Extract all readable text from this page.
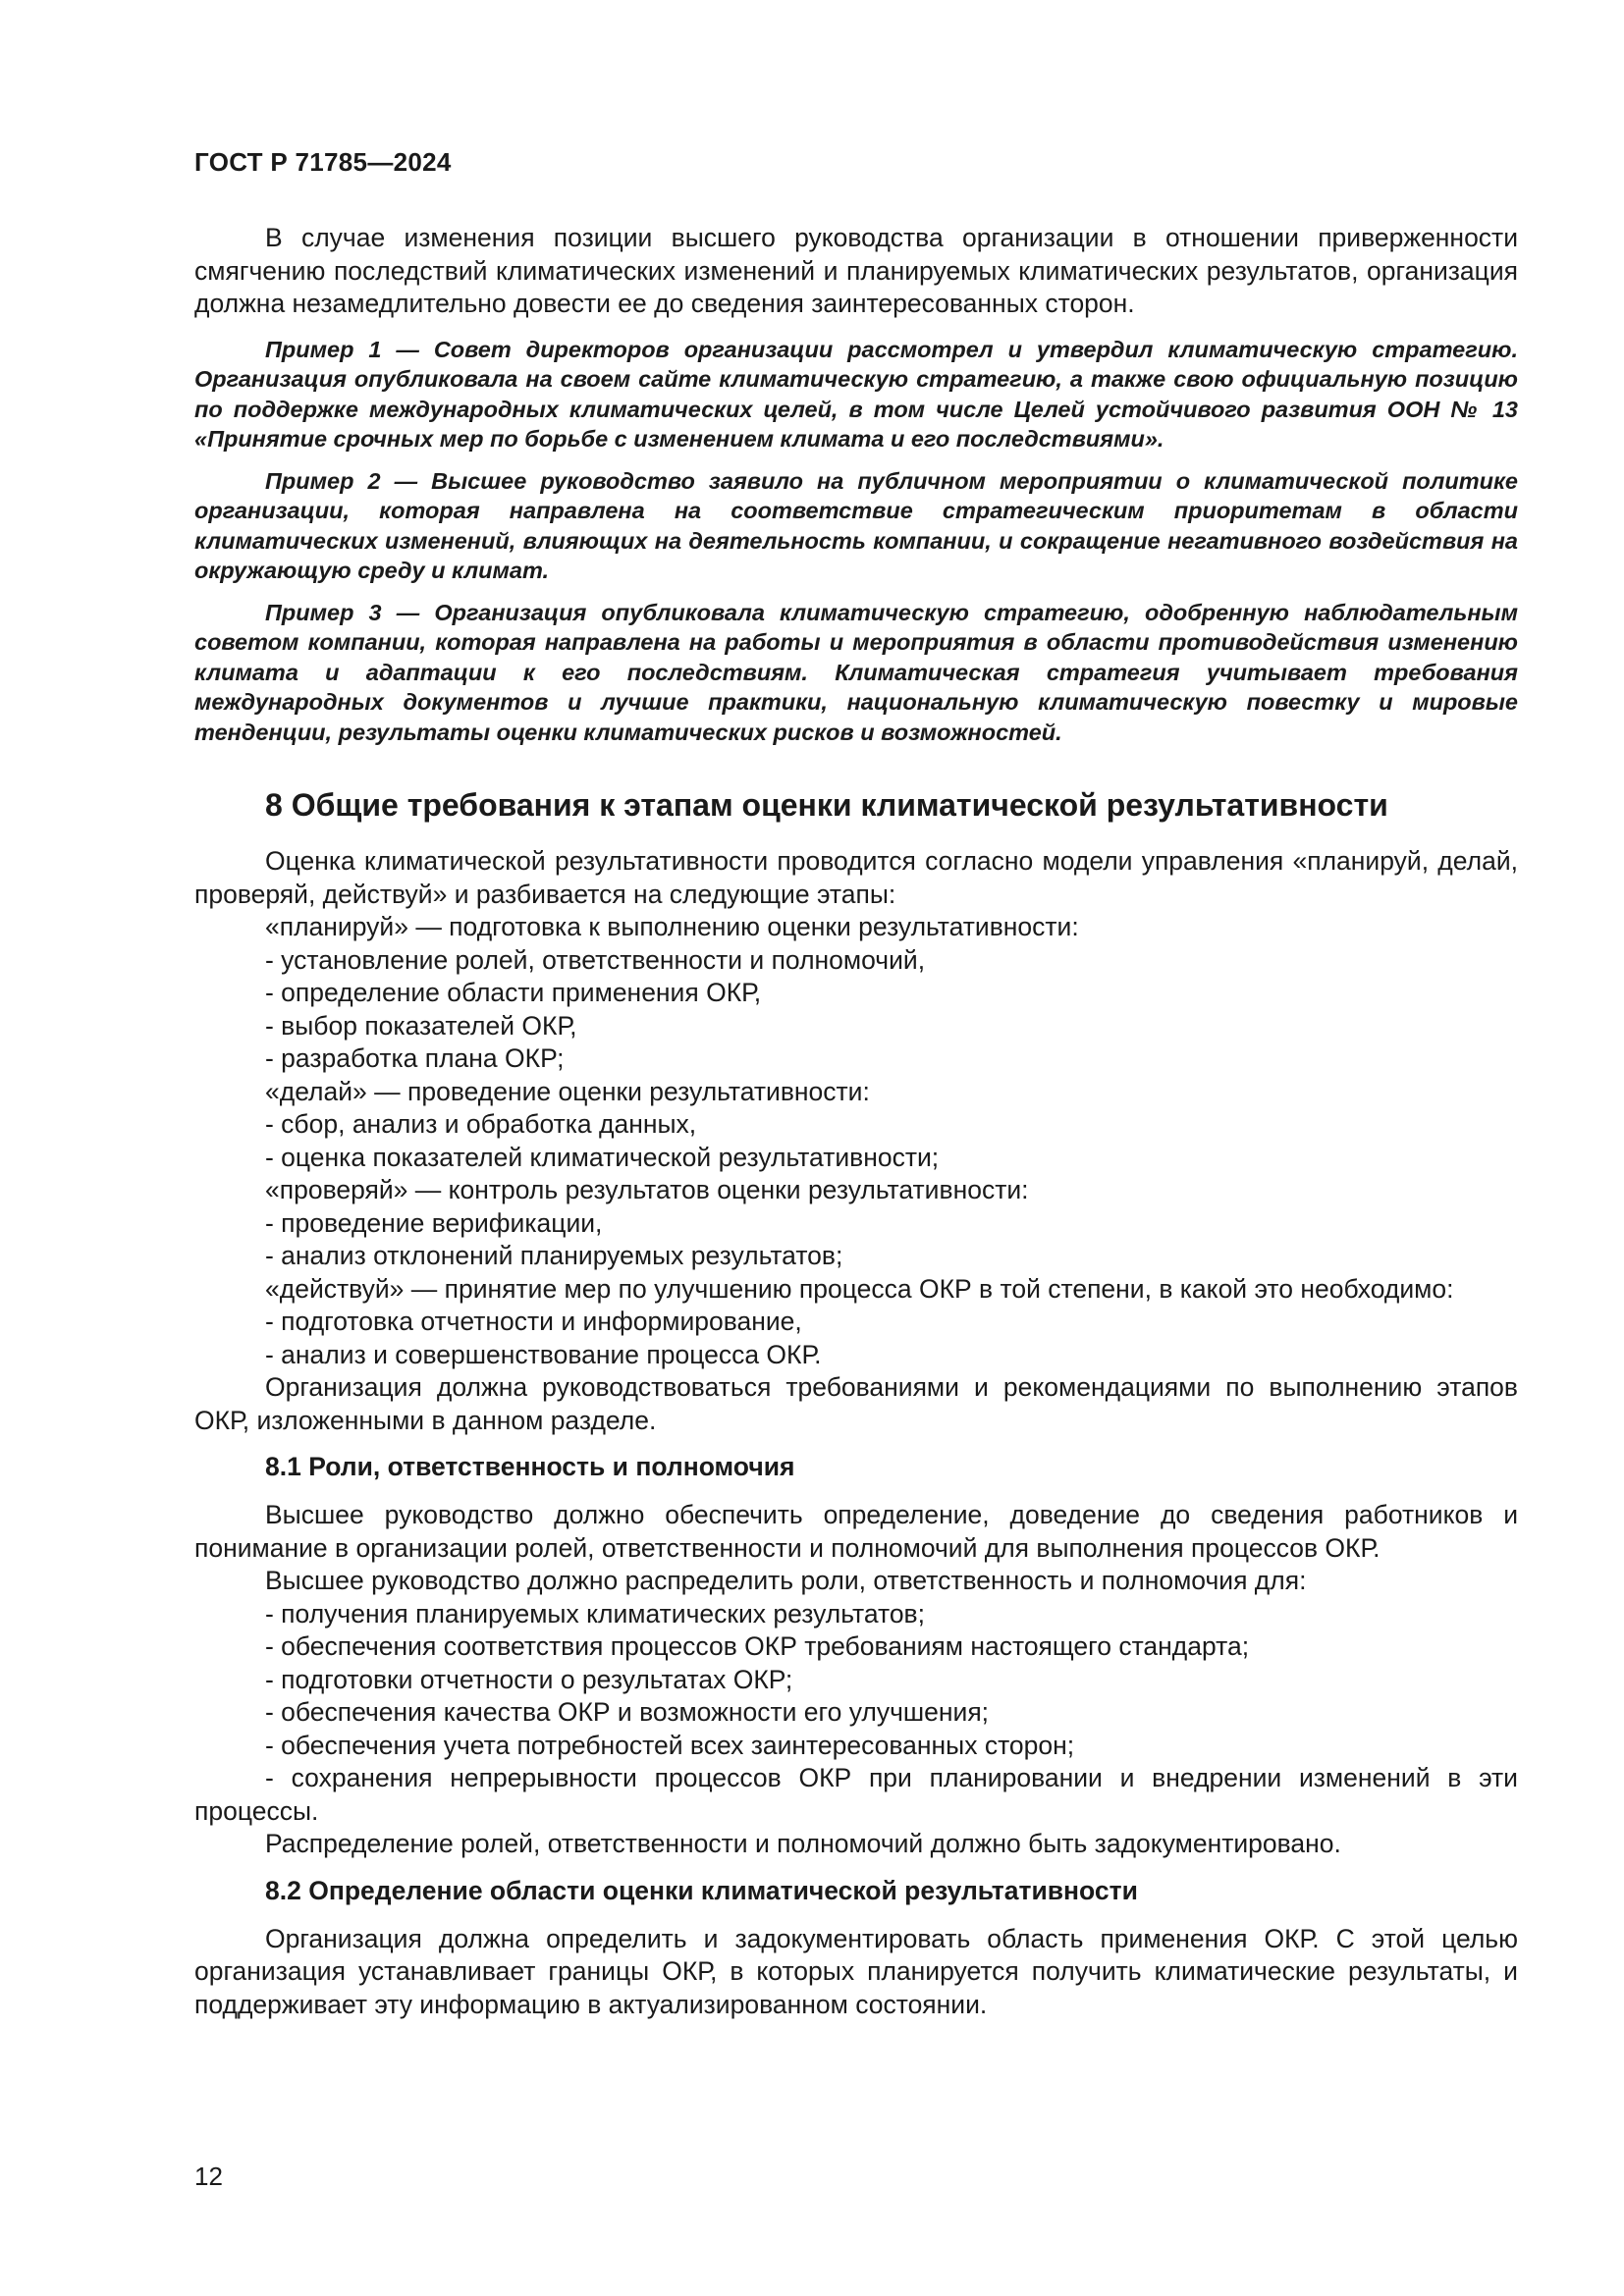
ГОСТ Р 71785—2024

В случае изменения позиции высшего руководства организации в отношении приверженности смягчению последствий климатических изменений и планируемых климатических результатов, организация должна незамедлительно довести ее до сведения заинтересованных сторон.

Пример 1 — Совет директоров организации рассмотрел и утвердил климатическую стратегию. Организация опубликовала на своем сайте климатическую стратегию, а также свою официальную позицию по поддержке международных климатических целей, в том числе Целей устойчивого развития ООН № 13 «Принятие срочных мер по борьбе с изменением климата и его последствиями».

Пример 2 — Высшее руководство заявило на публичном мероприятии о климатической политике организации, которая направлена на соответствие стратегическим приоритетам в области климатических изменений, влияющих на деятельность компании, и сокращение негативного воздействия на окружающую среду и климат.

Пример 3 — Организация опубликовала климатическую стратегию, одобренную наблюдательным советом компании, которая направлена на работы и мероприятия в области противодействия изменению климата и адаптации к его последствиям. Климатическая стратегия учитывает требования международных документов и лучшие практики, национальную климатическую повестку и мировые тенденции, результаты оценки климатических рисков и возможностей.

8 Общие требования к этапам оценки климатической результативности

Оценка климатической результативности проводится согласно модели управления «планируй, делай, проверяй, действуй» и разбивается на следующие этапы:

«планируй» — подготовка к выполнению оценки результативности:

- установление ролей, ответственности и полномочий,

- определение области применения ОКР,

- выбор показателей ОКР,

- разработка плана ОКР;

«делай» — проведение оценки результативности:

- сбор, анализ и обработка данных,

- оценка показателей климатической результативности;

«проверяй» — контроль результатов оценки результативности:

- проведение верификации,

- анализ отклонений планируемых результатов;

«действуй» — принятие мер по улучшению процесса ОКР в той степени, в какой это необходимо:

- подготовка отчетности и информирование,

- анализ и совершенствование процесса ОКР.

Организация должна руководствоваться требованиями и рекомендациями по выполнению этапов ОКР, изложенными в данном разделе.

8.1 Роли, ответственность и полномочия

Высшее руководство должно обеспечить определение, доведение до сведения работников и понимание в организации ролей, ответственности и полномочий для выполнения процессов ОКР.

Высшее руководство должно распределить роли, ответственность и полномочия для:

- получения планируемых климатических результатов;

- обеспечения соответствия процессов ОКР требованиям настоящего стандарта;

- подготовки отчетности о результатах ОКР;

- обеспечения качества ОКР и возможности его улучшения;

- обеспечения учета потребностей всех заинтересованных сторон;

- сохранения непрерывности процессов ОКР при планировании и внедрении изменений в эти процессы.

Распределение ролей, ответственности и полномочий должно быть задокументировано.

8.2 Определение области оценки климатической результативности

Организация должна определить и задокументировать область применения ОКР. С этой целью организация устанавливает границы ОКР, в которых планируется получить климатические результаты, и поддерживает эту информацию в актуализированном состоянии.

12
